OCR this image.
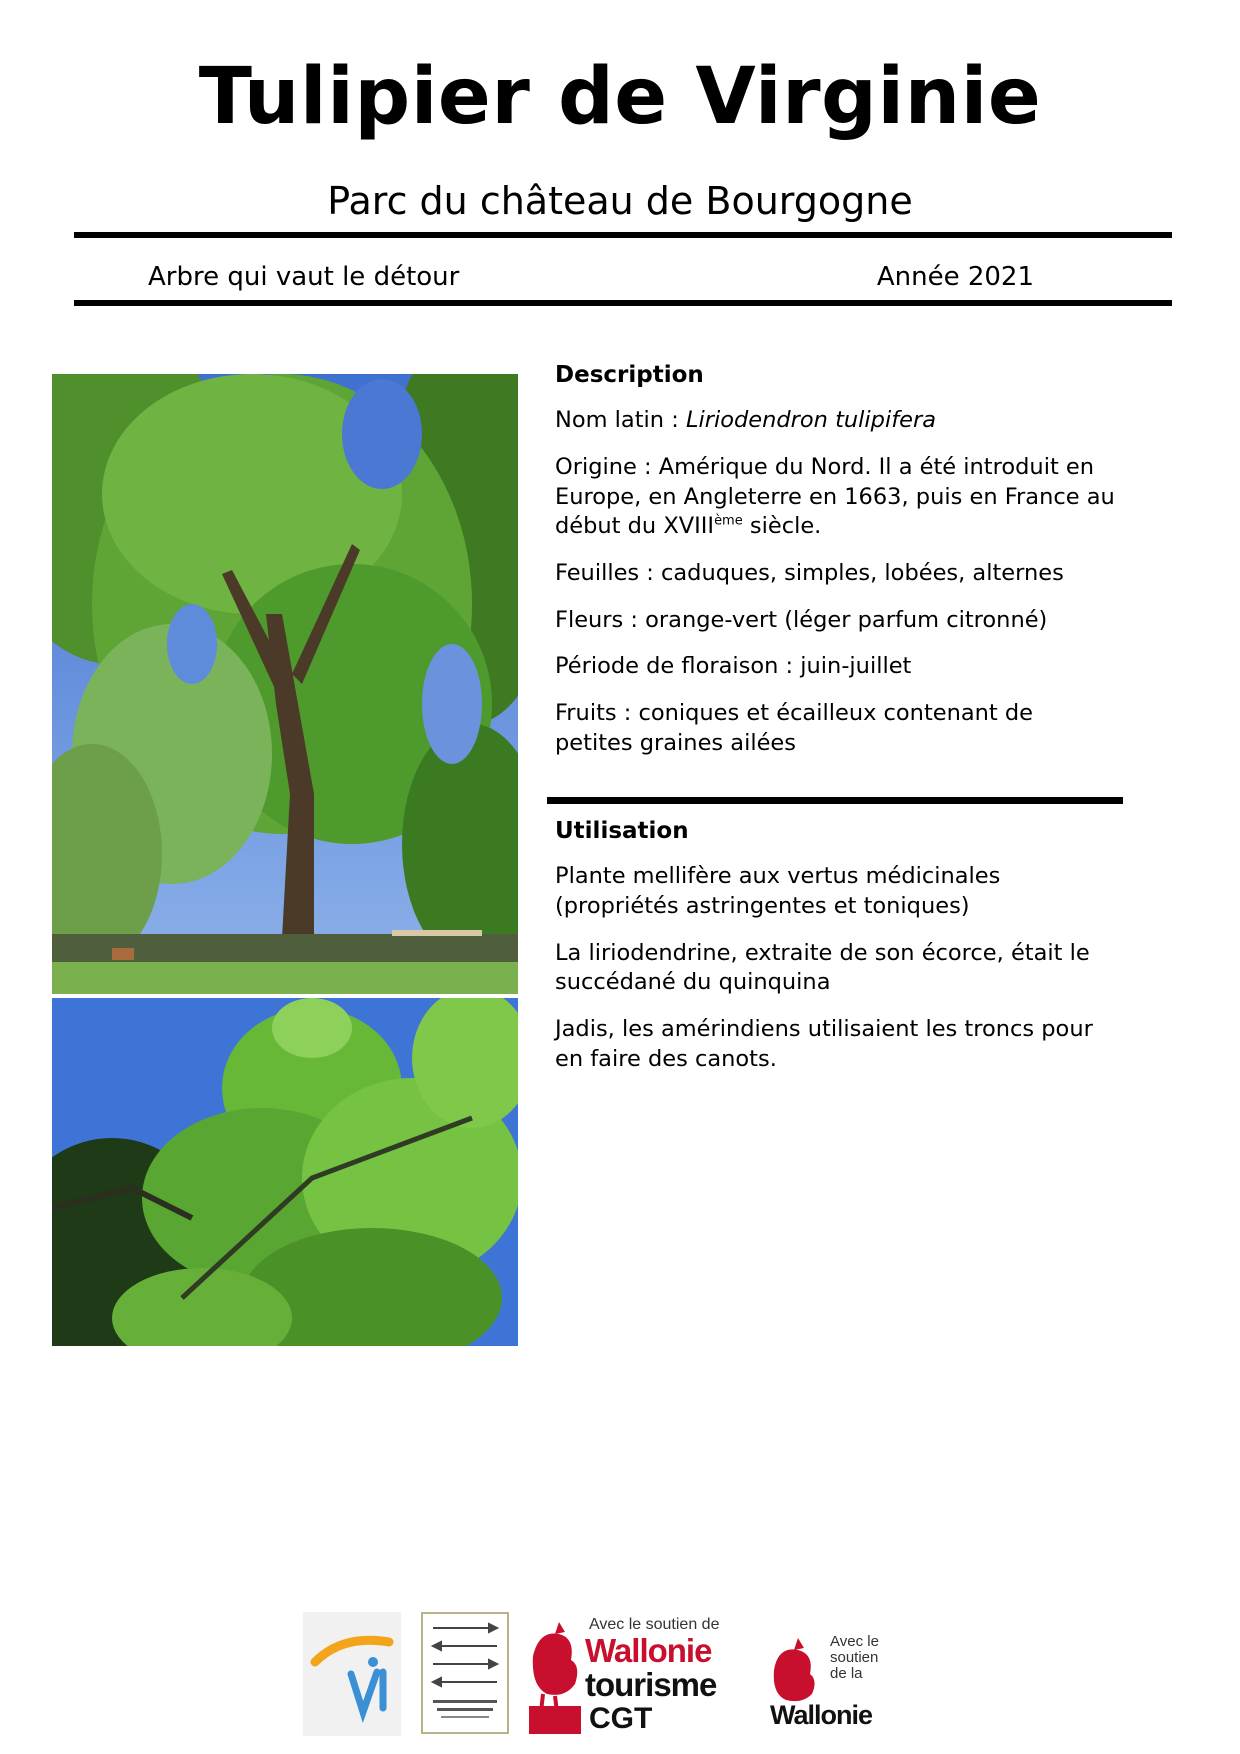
Tulipier de Virginie
Parc du château de Bourgogne
Arbre qui vaut le détour	Année 2021
Description

Nom latin : Liriodendron tulipifera

Origine : Amérique du Nord. Il a été introduit en Europe, en Angleterre en 1663, puis en France au début du XVIIIème siècle.

Feuilles : caduques, simples, lobées, alternes

Fleurs : orange-vert (léger parfum citronné)

Période de floraison : juin-juillet

Fruits : coniques et écailleux contenant de petites graines ailées

Utilisation

Plante mellifère aux vertus médicinales (propriétés astringentes et toniques)

La liriodendrine, extraite de son écorce, était le succédané du quinquina

Jadis, les amérindiens utilisaient les troncs pour en faire des canots.

Avec le soutien de
Wallonie
tourisme
CGT
Avec le
soutien
de la
Wallonie
